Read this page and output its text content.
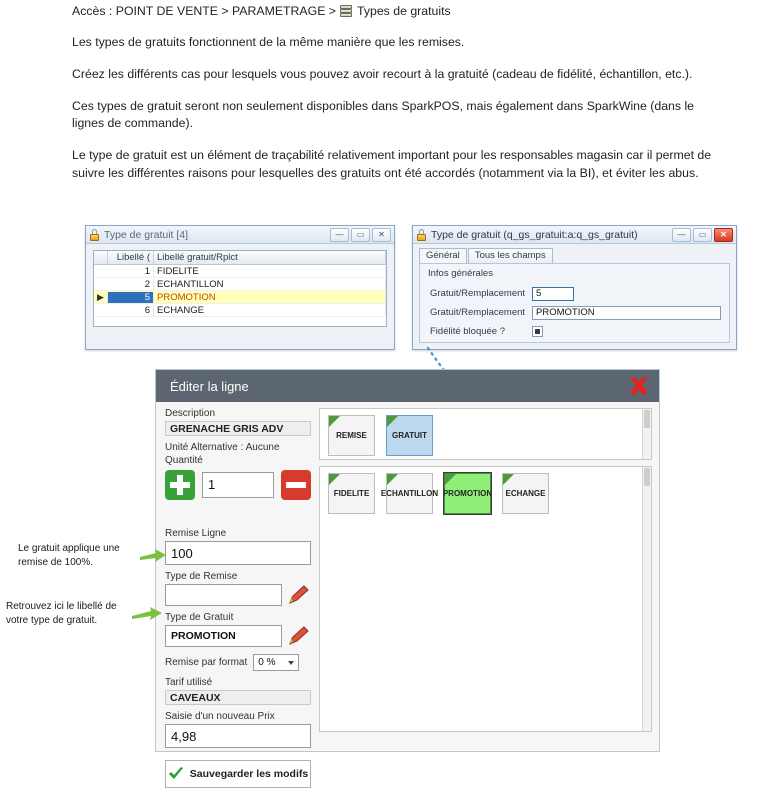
Accès : POINT DE VENTE > PARAMETRAGE > Types de gratuits

Les types de gratuits fonctionnent de la même manière que les remises.

Créez les différents cas pour lesquels vous pouvez avoir recourt à la gratuité (cadeau de fidélité, échantillon, etc.).

Ces types de gratuit seront non seulement disponibles dans SparkPOS, mais également dans SparkWine (dans le lignes de commande).

Le type de gratuit est un élément de traçabilité relativement important pour les responsables magasin car il permet de suivre les différentes raisons pour lesquelles des gratuits ont été accordés (notamment via la BI), et éviter les abus.

Type de gratuit [4]	—	▭	✕
Libellé ( Libellé gratuit/Rplct
1 FIDELITE
2 ECHANTILLON
▶	5 PROMOTION
6 ECHANGE
Type de gratuit (q_gs_gratuit:a:q_gs_gratuit)	—	▭	✕
Général	Tous les champs
Infos générales
Gratuit/Remplacement	5
Gratuit/Remplacement	PROMOTION
Fidélité bloquée ?
Éditer la ligne
Description
GRENACHE GRIS ADV
Unité Alternative : Aucune
Quantité
1
Remise Ligne
100
Type de Remise
Type de Gratuit
PROMOTION
Remise par format 0 %
Tarif utilisé
CAVEAUX
Saisie d'un nouveau Prix
4,98
Sauvegarder les modifs
REMISE	GRATUIT
FIDELITE ECHANTILLON PROMOTION ECHANGE
Le gratuit applique une remise de 100%.
Retrouvez ici le libellé de votre type de gratuit.
